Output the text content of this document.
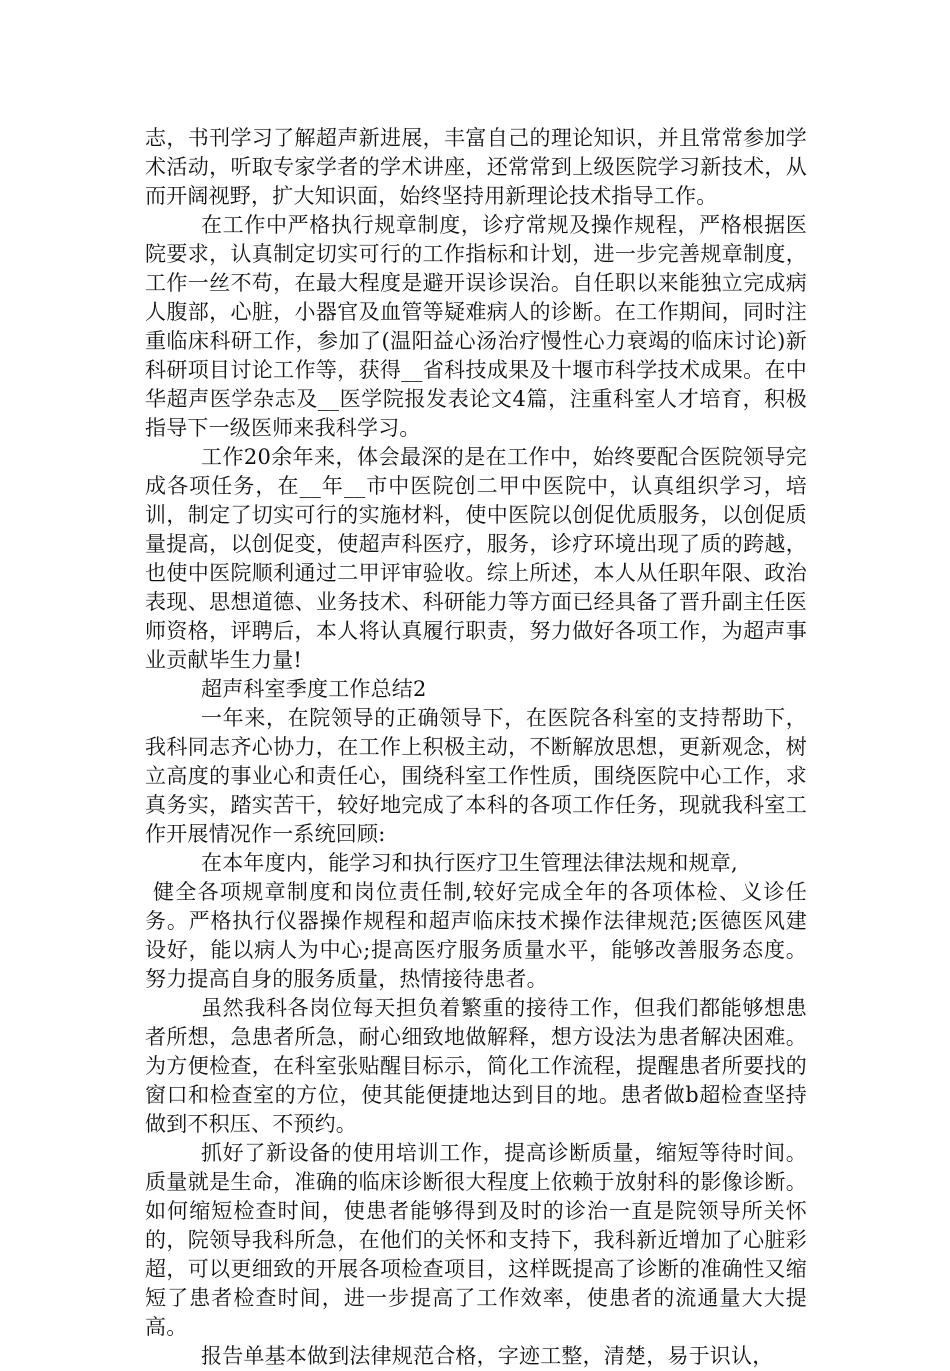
志，书刊学习了解超声新进展，丰富自己的理论知识，并且常常参加学术活动，听取专家学者的学术讲座，还常常到上级医院学习新技术，从而开阔视野，扩大知识面，始终坚持用新理论技术指导工作。

在工作中严格执行规章制度，诊疗常规及操作规程，严格根据医院要求，认真制定切实可行的工作指标和计划，进一步完善规章制度，工作一丝不苟，在最大程度是避开误诊误治。自任职以来能独立完成病人腹部，心脏，小器官及血管等疑难病人的诊断。在工作期间，同时注重临床科研工作，参加了(温阳益心汤治疗慢性心力衰竭的临床讨论)新科研项目讨论工作等，获得__省科技成果及十堰市科学技术成果。在中华超声医学杂志及__医学院报发表论文4篇，注重科室人才培育，积极指导下一级医师来我科学习。

工作20余年来，体会最深的是在工作中，始终要配合医院领导完成各项任务，在__年__市中医院创二甲中医院中，认真组织学习，培训，制定了切实可行的实施材料，使中医院以创促优质服务，以创促质量提高，以创促变，使超声科医疗，服务，诊疗环境出现了质的跨越，也使中医院顺利通过二甲评审验收。综上所述，本人从任职年限、政治表现、思想道德、业务技术、科研能力等方面已经具备了晋升副主任医师资格，评聘后，本人将认真履行职责，努力做好各项工作，为超声事业贡献毕生力量!

超声科室季度工作总结2

一年来，在院领导的正确领导下，在医院各科室的支持帮助下，我科同志齐心协力，在工作上积极主动，不断解放思想，更新观念，树立高度的事业心和责任心，围绕科室工作性质，围绕医院中心工作，求真务实，踏实苦干，较好地完成了本科的各项工作任务，现就我科室工作开展情况作一系统回顾:

在本年度内，能学习和执行医疗卫生管理法律法规和规章,

健全各项规章制度和岗位责任制,较好完成全年的各项体检、义诊任务。严格执行仪器操作规程和超声临床技术操作法律规范;医德医风建设好，能以病人为中心;提高医疗服务质量水平，能够改善服务态度。努力提高自身的服务质量，热情接待患者。

虽然我科各岗位每天担负着繁重的接待工作，但我们都能够想患者所想，急患者所急，耐心细致地做解释，想方设法为患者解决困难。为方便检查，在科室张贴醒目标示，简化工作流程，提醒患者所要找的窗口和检查室的方位，使其能便捷地达到目的地。患者做b超检查坚持做到不积压、不预约。

抓好了新设备的使用培训工作，提高诊断质量，缩短等待时间。质量就是生命，准确的临床诊断很大程度上依赖于放射科的影像诊断。如何缩短检查时间，使患者能够得到及时的诊治一直是院领导所关怀的，院领导我科所急，在他们的关怀和支持下，我科新近增加了心脏彩超，可以更细致的开展各项检查项目，这样既提高了诊断的准确性又缩短了患者检查时间，进一步提高了工作效率，使患者的流通量大大提高。

报告单基本做到法律规范合格，字迹工整，清楚，易于识认，
